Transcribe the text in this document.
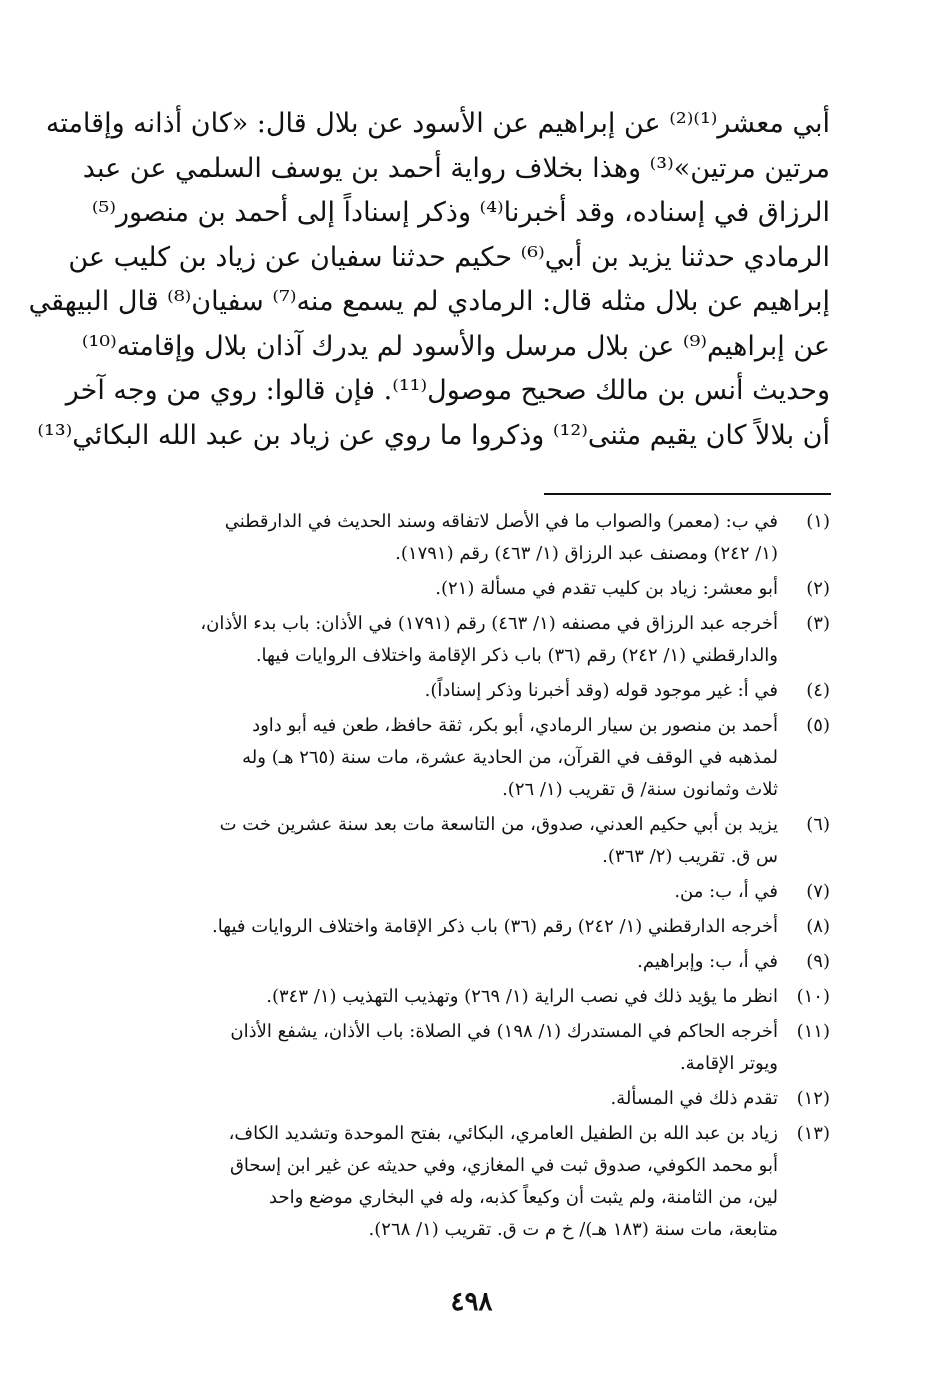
أبي معشر⁽¹⁾⁽²⁾ عن إبراهيم عن الأسود عن بلال قال: «كان أذانه وإقامته
مرتين مرتين»⁽³⁾ وهذا بخلاف رواية أحمد بن يوسف السلمي عن عبد
الرزاق في إسناده، وقد أخبرنا⁽⁴⁾ وذكر إسناداً إلى أحمد بن منصور⁽⁵⁾
الرمادي حدثنا يزيد بن أبي⁽⁶⁾ حكيم حدثنا سفيان عن زياد بن كليب عن
إبراهيم عن بلال مثله قال: الرمادي لم يسمع منه⁽⁷⁾ سفيان⁽⁸⁾ قال البيهقي
عن إبراهيم⁽⁹⁾ عن بلال مرسل والأسود لم يدرك آذان بلال وإقامته⁽¹⁰⁾
وحديث أنس بن مالك صحيح موصول⁽¹¹⁾. فإن قالوا: روي من وجه آخر
أن بلالاً كان يقيم مثنى⁽¹²⁾ وذكروا ما روي عن زياد بن عبد الله البكائي⁽¹³⁾
(١)
في ب: (معمر) والصواب ما في الأصل لاتفاقه وسند الحديث في الدارقطني
(١/ ٢٤٢) ومصنف عبد الرزاق (١/ ٤٦٣) رقم (١٧٩١).
(٢)
أبو معشر: زياد بن كليب تقدم في مسألة (٢١).
(٣)
أخرجه عبد الرزاق في مصنفه (١/ ٤٦٣) رقم (١٧٩١) في الأذان: باب بدء الأذان،
والدارقطني (١/ ٢٤٢) رقم (٣٦) باب ذكر الإقامة واختلاف الروايات فيها.
(٤)
في أ: غير موجود قوله (وقد أخبرنا وذكر إسناداً).
(٥)
أحمد بن منصور بن سيار الرمادي، أبو بكر، ثقة حافظ، طعن فيه أبو داود
لمذهبه في الوقف في القرآن، من الحادية عشرة، مات سنة (٢٦٥ هـ) وله
ثلاث وثمانون سنة/ ق تقريب (١/ ٢٦).
(٦)
يزيد بن أبي حكيم العدني، صدوق، من التاسعة مات بعد سنة عشرين خت ت
س ق. تقريب (٢/ ٣٦٣).
(٧)
في أ، ب: من.
(٨)
أخرجه الدارقطني (١/ ٢٤٢) رقم (٣٦) باب ذكر الإقامة واختلاف الروايات فيها.
(٩)
في أ، ب: وإبراهيم.
(١٠)
انظر ما يؤيد ذلك في نصب الراية (١/ ٢٦٩) وتهذيب التهذيب (١/ ٣٤٣).
(١١)
أخرجه الحاكم في المستدرك (١/ ١٩٨) في الصلاة: باب الأذان، يشفع الأذان
ويوتر الإقامة.
(١٢)
تقدم ذلك في المسألة.
(١٣)
زياد بن عبد الله بن الطفيل العامري، البكائي، بفتح الموحدة وتشديد الكاف،
أبو محمد الكوفي، صدوق ثبت في المغازي، وفي حديثه عن غير ابن إسحاق
لين، من الثامنة، ولم يثبت أن وكيعاً كذبه، وله في البخاري موضع واحد
متابعة، مات سنة (١٨٣ هـ)/ خ م ت ق. تقريب (١/ ٢٦٨).
٤٩٨
